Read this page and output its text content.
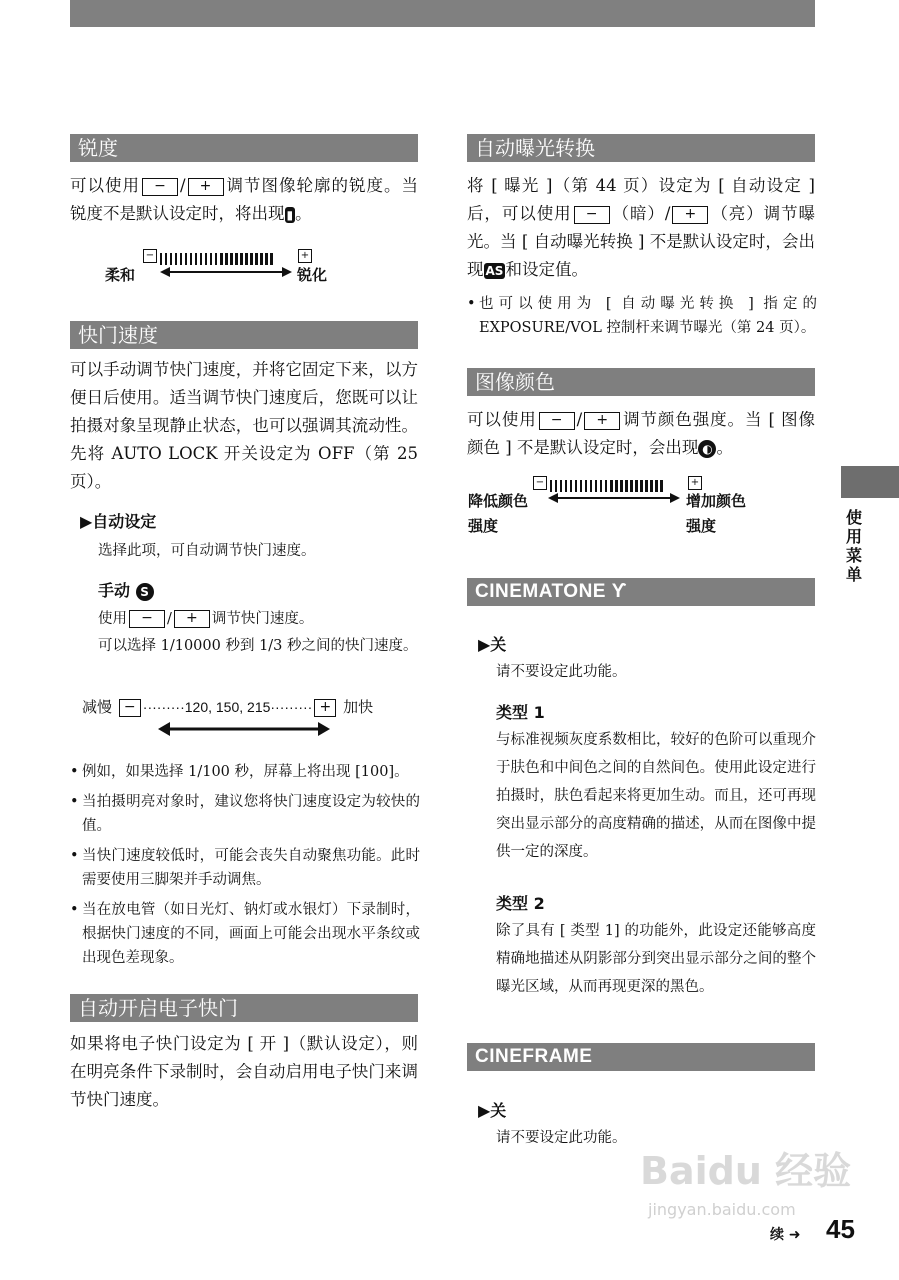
锐度
可以使用 − / + 调节图像轮廓的锐度。当锐度不是默认设定时，将出现 ▮ 。
−	+
柔和	锐化
快门速度
可以手动调节快门速度，并将它固定下来，以方便日后使用。适当调节快门速度后，您既可以让拍摄对象呈现静止状态，也可以强调其流动性。先将 AUTO LOCK 开关设定为 OFF（第 25 页）。
▶自动设定
选择此项，可自动调节快门速度。
手动 S
使用 − / + 调节快门速度。
可以选择 1/10000 秒到 1/3 秒之间的快门速度。
减慢 − ·········120, 150, 215········· + 加快
• 例如，如果选择 1/100 秒，屏幕上将出现 [100]。
• 当拍摄明亮对象时，建议您将快门速度设定为较快的值。
• 当快门速度较低时，可能会丧失自动聚焦功能。此时需要使用三脚架并手动调焦。
• 当在放电管（如日光灯、钠灯或水银灯）下录制时，根据快门速度的不同，画面上可能会出现水平条纹或出现色差现象。
自动开启电子快门
如果将电子快门设定为 [ 开 ]（默认设定），则在明亮条件下录制时，会自动启用电子快门来调节快门速度。
自动曝光转换
将 [ 曝光 ]（第 44 页）设定为 [ 自动设定 ] 后，可以使用 − （暗）/ + （亮）调节曝光。当 [ 自动曝光转换 ] 不是默认设定时，会出现 AS 和设定值。
• 也可以使用为 [ 自动曝光转换 ] 指定的 EXPOSURE/VOL 控制杆来调节曝光（第 24 页）。
图像颜色
可以使用 − / + 调节颜色强度。当 [ 图像颜色 ] 不是默认设定时，会出现 ◐ 。
−	+
降低颜色
强度
增加颜色
强度
CINEMATONE ϒ
▶关
请不要设定此功能。
类型 1
与标准视频灰度系数相比，较好的色阶可以重现介于肤色和中间色之间的自然间色。使用此设定进行拍摄时，肤色看起来将更加生动。而且，还可再现突出显示部分的高度精确的描述，从而在图像中提供一定的深度。
类型 2
除了具有 [ 类型 1] 的功能外，此设定还能够高度精确地描述从阴影部分到突出显示部分之间的整个曝光区域，从而再现更深的黑色。
CINEFRAME
▶关
请不要设定此功能。
使用菜单
Baidu 经验
jingyan.baidu.com
续 ➜ 45
